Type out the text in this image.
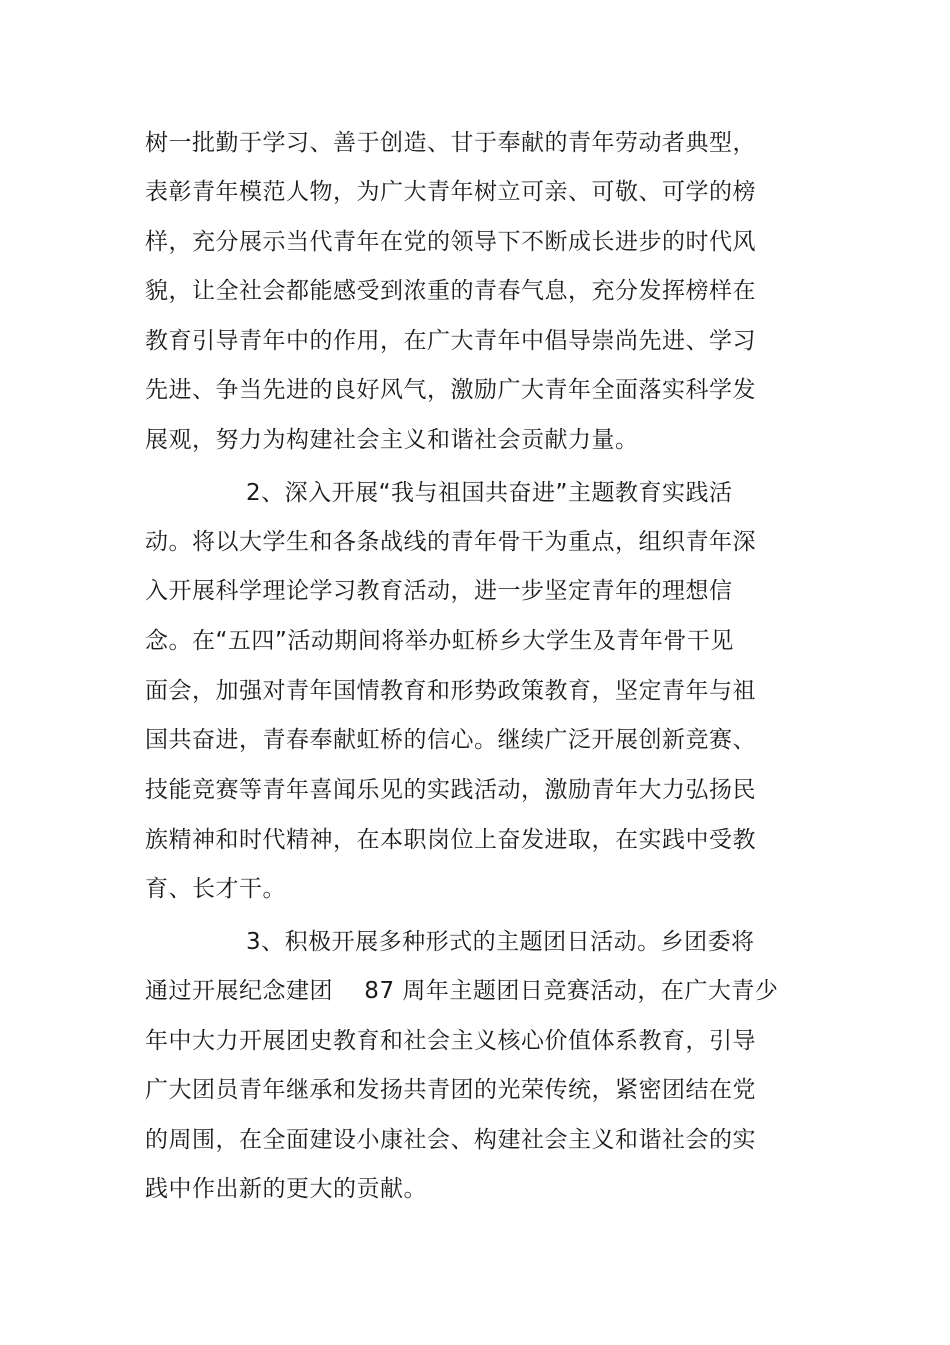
树一批勤于学习、善于创造、甘于奉献的青年劳动者典型，
表彰青年模范人物，为广大青年树立可亲、可敬、可学的榜
样，充分展示当代青年在党的领导下不断成长进步的时代风
貌，让全社会都能感受到浓重的青春气息，充分发挥榜样在
教育引导青年中的作用，在广大青年中倡导崇尚先进、学习
先进、争当先进的良好风气，激励广大青年全面落实科学发
展观，努力为构建社会主义和谐社会贡献力量。
2、深入开展“我与祖国共奋进”主题教育实践活
动。将以大学生和各条战线的青年骨干为重点，组织青年深
入开展科学理论学习教育活动，进一步坚定青年的理想信
念。在“五四”活动期间将举办虹桥乡大学生及青年骨干见
面会，加强对青年国情教育和形势政策教育，坚定青年与祖
国共奋进，青春奉献虹桥的信心。继续广泛开展创新竞赛、
技能竞赛等青年喜闻乐见的实践活动，激励青年大力弘扬民
族精神和时代精神，在本职岗位上奋发进取，在实践中受教
育、长才干。
3、积极开展多种形式的主题团日活动。乡团委将
通过开展纪念建团　 87 周年主题团日竞赛活动，在广大青少
年中大力开展团史教育和社会主义核心价值体系教育，引导
广大团员青年继承和发扬共青团的光荣传统，紧密团结在党
的周围，在全面建设小康社会、构建社会主义和谐社会的实
践中作出新的更大的贡献。
